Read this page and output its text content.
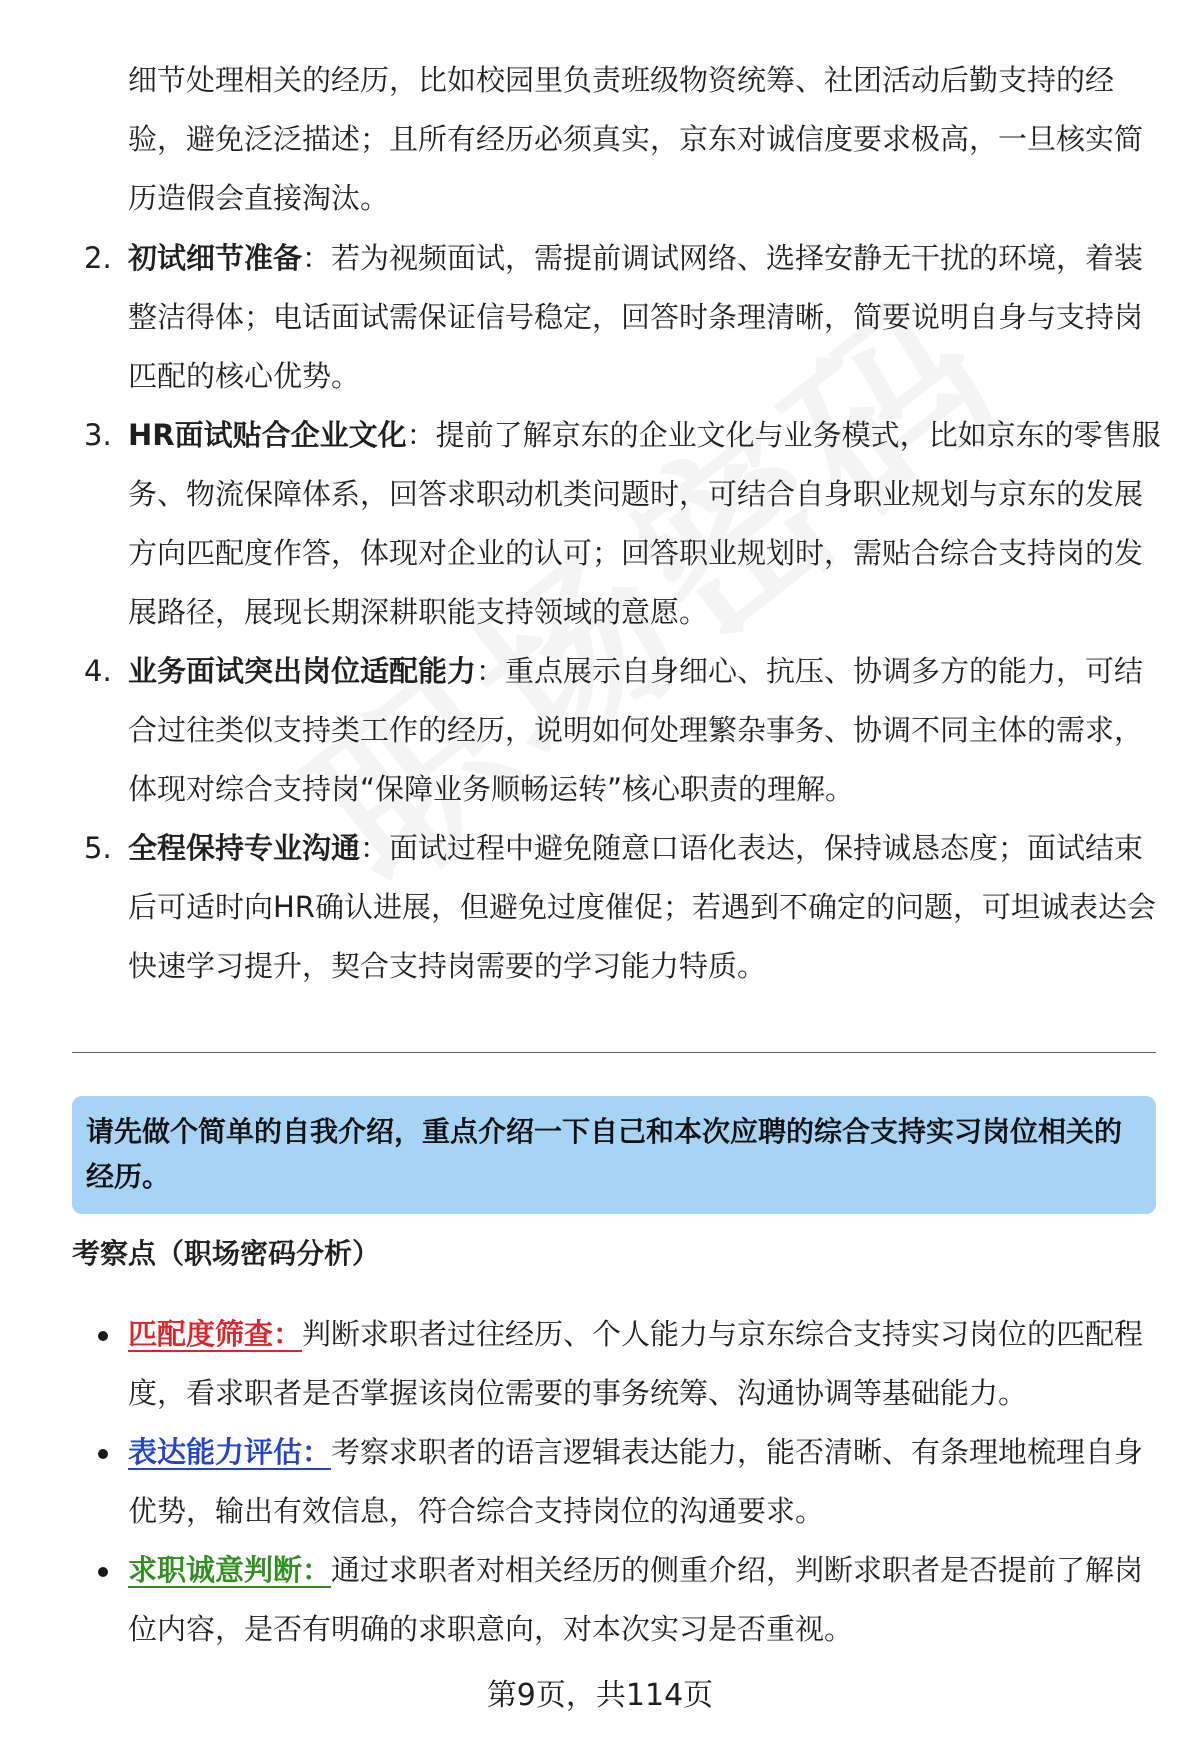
细节处理相关的经历，比如校园里负责班级物资统筹、社团活动后勤支持的经验，避免泛泛描述；且所有经历必须真实，京东对诚信度要求极高，一旦核实简历造假会直接淘汰。
2. 初试细节准备：若为视频面试，需提前调试网络、选择安静无干扰的环境，着装整洁得体；电话面试需保证信号稳定，回答时条理清晰，简要说明自身与支持岗匹配的核心优势。
3. HR面试贴合企业文化：提前了解京东的企业文化与业务模式，比如京东的零售服务、物流保障体系，回答求职动机类问题时，可结合自身职业规划与京东的发展方向匹配度作答，体现对企业的认可；回答职业规划时，需贴合综合支持岗的发展路径，展现长期深耕职能支持领域的意愿。
4. 业务面试突出岗位适配能力：重点展示自身细心、抗压、协调多方的能力，可结合过往类似支持类工作的经历，说明如何处理繁杂事务、协调不同主体的需求，体现对综合支持岗“保障业务顺畅运转”核心职责的理解。
5. 全程保持专业沟通：面试过程中避免随意口语化表达，保持诚恳态度；面试结束后可适时向HR确认进展，但避免过度催促；若遇到不确定的问题，可坦诚表达会快速学习提升，契合支持岗需要的学习能力特质。
请先做个简单的自我介绍，重点介绍一下自己和本次应聘的综合支持实习岗位相关的经历。
考察点（职场密码分析）
匹配度筛查：判断求职者过往经历、个人能力与京东综合支持实习岗位的匹配程度，看求职者是否掌握该岗位需要的事务统筹、沟通协调等基础能力。
表达能力评估：考察求职者的语言逻辑表达能力，能否清晰、有条理地梳理自身优势，输出有效信息，符合综合支持岗位的沟通要求。
求职诚意判断：通过求职者对相关经历的侧重介绍，判断求职者是否提前了解岗位内容，是否有明确的求职意向，对本次实习是否重视。
第9页，共114页
